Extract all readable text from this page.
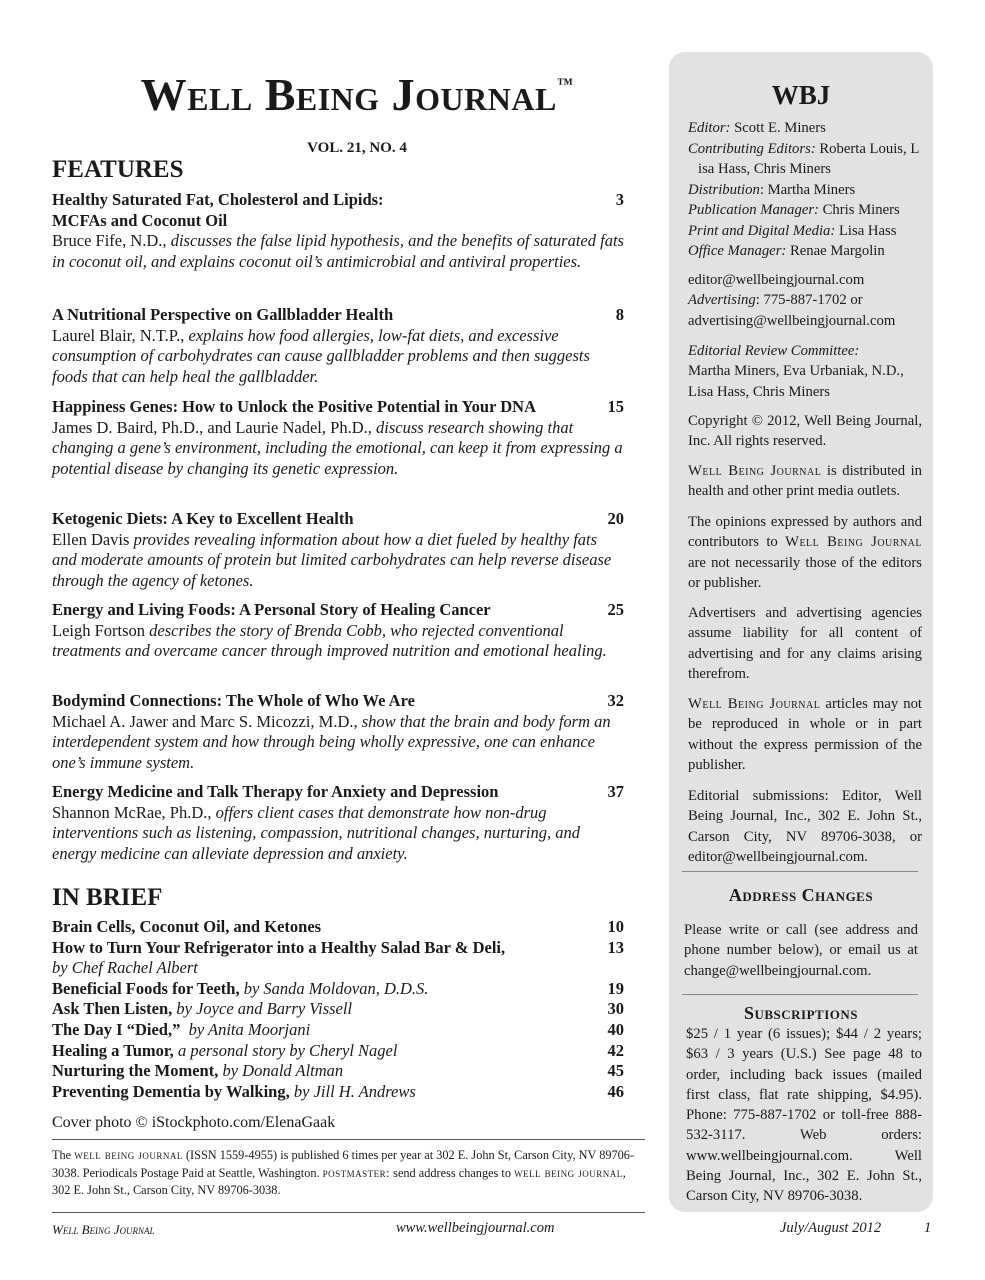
Well Being Journal™
VOL. 21, NO. 4
FEATURES
Healthy Saturated Fat, Cholesterol and Lipids:	3
MCFAs and Coconut Oil
Bruce Fife, N.D., discusses the false lipid hypothesis, and the benefits of saturated fats in coconut oil, and explains coconut oil’s antimicrobial and antiviral properties.
A Nutritional Perspective on Gallbladder Health	8
Laurel Blair, N.T.P., explains how food allergies, low-fat diets, and excessive consumption of carbohydrates can cause gallbladder problems and then suggests foods that can help heal the gallbladder.
Happiness Genes: How to Unlock the Positive Potential in Your DNA	15
James D. Baird, Ph.D., and Laurie Nadel, Ph.D., discuss research showing that changing a gene’s environment, including the emotional, can keep it from expressing a potential disease by changing its genetic expression.
Ketogenic Diets: A Key to Excellent Health	20
Ellen Davis provides revealing information about how a diet fueled by healthy fats and moderate amounts of protein but limited carbohydrates can help reverse disease through the agency of ketones.
Energy and Living Foods: A Personal Story of Healing Cancer	25
Leigh Fortson describes the story of Brenda Cobb, who rejected conventional treatments and overcame cancer through improved nutrition and emotional healing.
Bodymind Connections: The Whole of Who We Are	32
Michael A. Jawer and Marc S. Micozzi, M.D., show that the brain and body form an interdependent system and how through being wholly expressive, one can enhance one’s immune system.
Energy Medicine and Talk Therapy for Anxiety and Depression	37
Shannon McRae, Ph.D., offers client cases that demonstrate how non-drug interventions such as listening, compassion, nutritional changes, nurturing, and energy medicine can alleviate depression and anxiety.
IN BRIEF
Brain Cells, Coconut Oil, and Ketones	10
How to Turn Your Refrigerator into a Healthy Salad Bar & Deli,	13
by Chef Rachel Albert
Beneficial Foods for Teeth, by Sanda Moldovan, D.D.S.	19
Ask Then Listen, by Joyce and Barry Vissell	30
The Day I “Died,”  by Anita Moorjani	40
Healing a Tumor, a personal story by Cheryl Nagel	42
Nurturing the Moment, by Donald Altman	45
Preventing Dementia by Walking, by Jill H. Andrews	46
Cover photo © iStockphoto.com/ElenaGaak
The well being journal (ISSN 1559-4955) is published 6 times per year at 302 E. John St, Carson City, NV 89706-3038. Periodicals Postage Paid at Seattle, Washington. postmaster: send address changes to well being journal, 302 E. John St., Carson City, NV 89706-3038.
Well Being Journal	www.wellbeingjournal.com	July/August 2012	1
WBJ
Editor: Scott E. Miners
Contributing Editors: Roberta Louis, L isa Hass, Chris Miners
Distribution: Martha Miners
Publication Manager: Chris Miners
Print and Digital Media: Lisa Hass
Office Manager: Renae Margolin
editor@wellbeingjournal.com
Advertising: 775-887-1702 or advertising@wellbeingjournal.com
Editorial Review Committee:
Martha Miners, Eva Urbaniak, N.D., Lisa Hass, Chris Miners
Copyright © 2012, Well Being Journal, Inc. All rights reserved.
Well Being Journal is distributed in health and other print media outlets.
The opinions expressed by authors and contributors to Well Being Journal are not necessarily those of the editors or publisher.
Advertisers and advertising agencies assume liability for all content of advertising and for any claims arising therefrom.
Well Being Journal articles may not be reproduced in whole or in part without the express permission of the publisher.
Editorial submissions: Editor, Well Being Journal, Inc., 302 E. John St., Carson City, NV 89706-3038, or editor@wellbeingjournal.com.
Address Changes
Please write or call (see address and phone number below), or email us at change@wellbeingjournal.com.
Subscriptions
$25 / 1 year (6 issues); $44 / 2 years; $63 / 3 years (U.S.) See page 48 to order, including back issues (mailed first class, flat rate shipping, $4.95). Phone: 775-887-1702 or toll-free 888-532-3117. Web orders: www.wellbeingjournal.com. Well Being Journal, Inc., 302 E. John St., Carson City, NV 89706-3038.
